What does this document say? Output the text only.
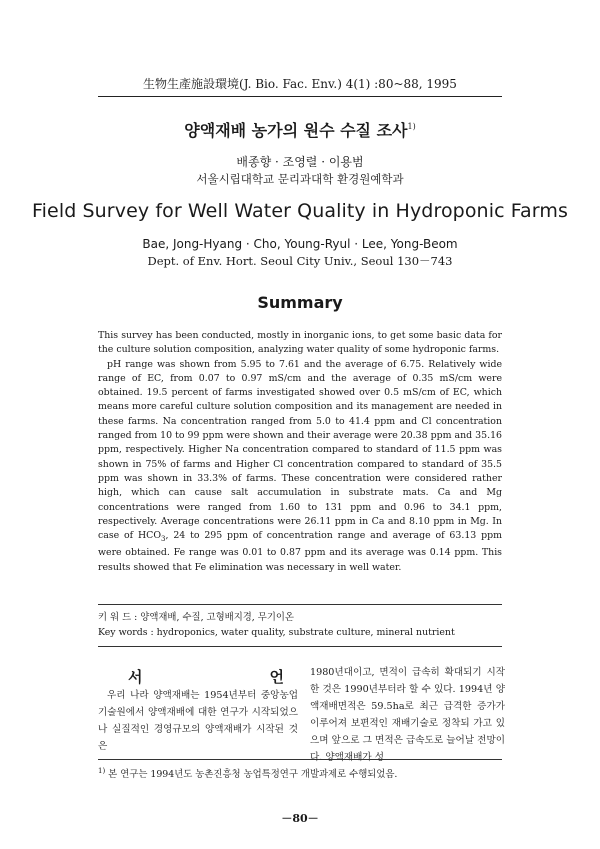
生物生產施設環境(J. Bio. Fac. Env.) 4(1) :80~88, 1995
양액재배 농가의 원수 수질 조사$^{1)}$
배종향 · 조영렬 · 이용범
서울시립대학교 문리과대학 환경원예학과
Field Survey for Well Water Quality in Hydroponic Farms
Bae, Jong-Hyang · Cho, Young-Ryul · Lee, Yong-Beom
Dept. of Env. Hort. Seoul City Univ., Seoul 130－743
Summary

This survey has been conducted, mostly in inorganic ions, to get some basic data for the culture solution composition, analyzing water quality of some hydroponic farms.

pH range was shown from 5.95 to 7.61 and the average of 6.75. Relatively wide range of EC, from 0.07 to 0.97 mS/cm and the average of 0.35 mS/cm were obtained. 19.5 percent of farms investigated showed over 0.5 mS/cm of EC, which means more careful culture solution composition and its management are needed in these farms. Na concentration ranged from 5.0 to 41.4 ppm and Cl concentration ranged from 10 to 99 ppm were shown and their average were 20.38 ppm and 35.16 ppm, respectively. Higher Na concentration compared to standard of 11.5 ppm was shown in 75% of farms and Higher Cl concentration compared to standard of 35.5 ppm was shown in 33.3% of farms. These concentration were considered rather high, which can cause salt accumulation in substrate mats. Ca and Mg concentrations were ranged from 1.60 to 131 ppm and 0.96 to 34.1 ppm, respectively. Average concentrations were 26.11 ppm in Ca and 8.10 ppm in Mg. In case of $HCO_3$, 24 to 295 ppm of concentration range and average of 63.13 ppm were obtained. Fe range was 0.01 to 0.87 ppm and its average was 0.14 ppm. This results showed that Fe elimination was necessary in well water.

키 워 드 : 양액재배, 수질, 고형배지경, 무기이온
Key words : hydroponics, water quality, substrate culture, mineral nutrient
서	언

우리 나라 양액재배는 1954년부터 중앙농업기술원에서 양액재배에 대한 연구가 시작되었으나 실질적인 경영규모의 양액재배가 시작된 것은

1980년대이고, 면적이 급속히 확대되기 시작한 것은 1990년부터라 할 수 있다. 1994년 양액재배면적은 59.5ha로 최근 급격한 증가가 이루어져 보편적인 재배기술로 정착되 가고 있으며 앞으로 그 면적은 급속도로 늘어날 전망이다. 양액재배가 성

$^{1)}$ 본 연구는 1994년도 농촌진흥청 농업특정연구 개발과제로 수행되었음.
－80－
